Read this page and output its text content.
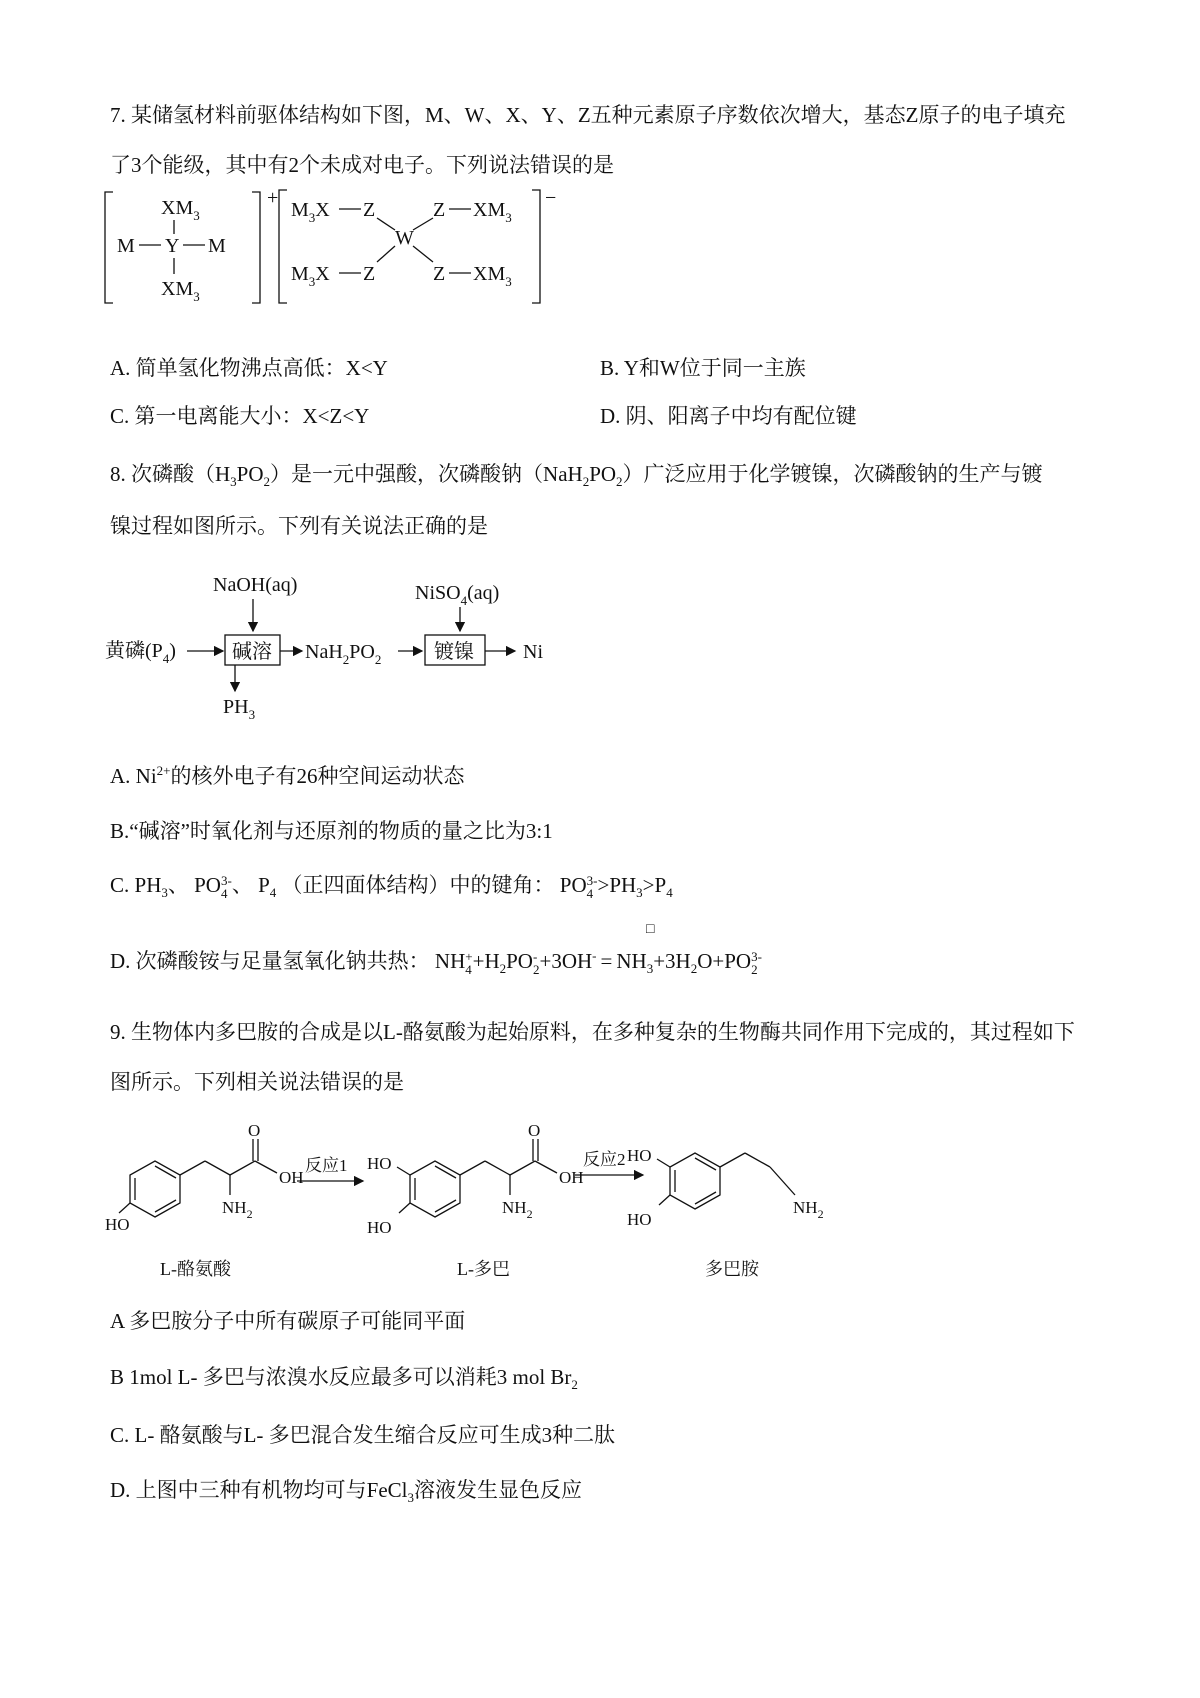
7. 某储氢材料前驱体结构如下图，M、W、X、Y、Z五种元素原子序数依次增大，基态Z原子的电子填充
了3个能级，其中有2个未成对电子。下列说法错误的是
+
$XM_3$
M Y M
$XM_3$
−
$M_3X$ Z	Z $XM_3$
W
$M_3X$ Z	Z $XM_3$
A. 简单氢化物沸点高低：X<Y	B. Y和W位于同一主族
C. 第一电离能大小：X<Z<Y	D. 阴、阳离子中均有配位键
8. 次磷酸$(H_3PO_2)$是一元中强酸，次磷酸钠$(NaH_2PO_2)$广泛应用于化学镀镍，次磷酸钠的生产与镀
镍过程如图所示。下列有关说法正确的是
NaOH(aq)	NiSO$_4$(aq)
黄磷$(P_4)$	碱溶 $NaH_2PO_2$	镀镍 Ni
$PH_3$
A. $Ni^{2+}$的核外电子有26种空间运动状态
B.“碱溶”时氧化剂与还原剂的物质的量之比为3:1
C. $PH_3$、 PO 3-
4 、 $P_4$ （正四面体结构）中的键角： PO 3-
$4 >PH_3>P_4$
□
D. 次磷酸铵与足量氢氧化钠共热： NH +
$4 +H_2PO$ -
$2 +3OH^- = NH_3+3H_2O+PO$ 3-
2
9. 生物体内多巴胺的合成是以L-酪氨酸为起始原料，在多种复杂的生物酶共同作用下完成的，其过程如下
图所示。下列相关说法错误的是
O
OH
$NH_2$
HO
L-酪氨酸
反应1
O
OH
$NH_2$
HO
HO
L-多巴
反应2 HO
HO
$NH_2$
多巴胺
A 多巴胺分子中所有碳原子可能同平面
B 1mol L- 多巴与浓溴水反应最多可以消耗3 mol $Br_2$
C. L- 酪氨酸与L- 多巴混合发生缩合反应可生成3种二肽
D. 上图中三种有机物均可与FeCl$_3$溶液发生显色反应
